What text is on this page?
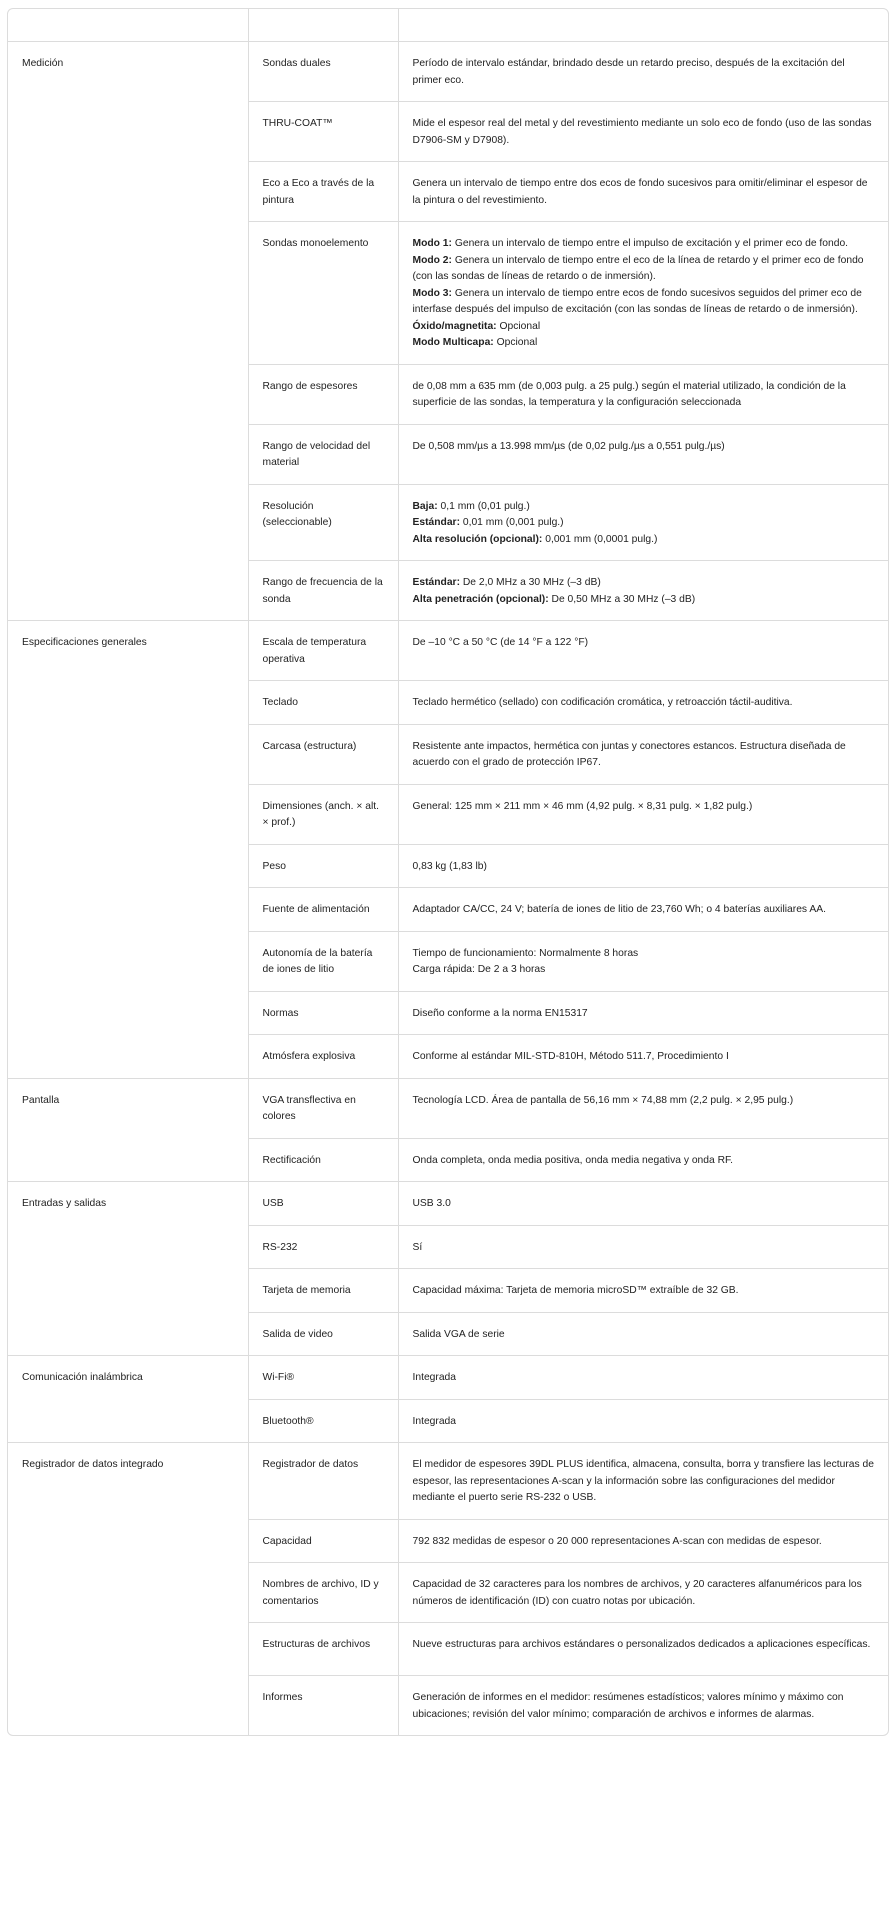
Medición	Sondas duales	Período de intervalo estándar, brindado desde un retardo preciso, después de la excitación del primer eco.

	THRU-COAT™	Mide el espesor real del metal y del revestimiento mediante un solo eco de fondo (uso de las sondas D7906-SM y D7908).

	Eco a Eco a través de la pintura	Genera un intervalo de tiempo entre dos ecos de fondo sucesivos para omitir/eliminar el espesor de la pintura o del revestimiento.

	Sondas monoelemento	Modo 1: Genera un intervalo de tiempo entre el impulso de excitación y el primer eco de fondo.
Modo 2: Genera un intervalo de tiempo entre el eco de la línea de retardo y el primer eco de fondo (con las sondas de líneas de retardo o de inmersión).
Modo 3: Genera un intervalo de tiempo entre ecos de fondo sucesivos seguidos del primer eco de interfase después del impulso de excitación (con las sondas de líneas de retardo o de inmersión).
Óxido/magnetita: Opcional
Modo Multicapa: Opcional

	Rango de espesores	de 0,08 mm a 635 mm (de 0,003 pulg. a 25 pulg.) según el material utilizado, la condición de la superficie de las sondas, la temperatura y la configuración seleccionada

	Rango de velocidad del material	De 0,508 mm/µs a 13.998 mm/µs (de 0,02 pulg./µs a 0,551 pulg./µs)

	Resolución (seleccionable)	Baja: 0,1 mm (0,01 pulg.)
Estándar: 0,01 mm (0,001 pulg.)
Alta resolución (opcional): 0,001 mm (0,0001 pulg.)

	Rango de frecuencia de la sonda	Estándar: De 2,0 MHz a 30 MHz (–3 dB)
Alta penetración (opcional): De 0,50 MHz a 30 MHz (–3 dB)

Especificaciones generales	Escala de temperatura operativa	De –10 °C a 50 °C (de 14 °F a 122 °F)

	Teclado	Teclado hermético (sellado) con codificación cromática, y retroacción táctil-auditiva.

	Carcasa (estructura)	Resistente ante impactos, hermética con juntas y conectores estancos. Estructura diseñada de acuerdo con el grado de protección IP67.

	Dimensiones (anch. × alt. × prof.)	General: 125 mm × 211 mm × 46 mm (4,92 pulg. × 8,31 pulg. × 1,82 pulg.)

	Peso	0,83 kg (1,83 lb)

	Fuente de alimentación	Adaptador CA/CC, 24 V; batería de iones de litio de 23,760 Wh; o 4 baterías auxiliares AA.

	Autonomía de la batería de iones de litio	Tiempo de funcionamiento: Normalmente 8 horas
Carga rápida: De 2 a 3 horas

	Normas	Diseño conforme a la norma EN15317

	Atmósfera explosiva	Conforme al estándar MIL-STD-810H, Método 511.7, Procedimiento I

Pantalla	VGA transflectiva en colores	Tecnología LCD. Área de pantalla de 56,16 mm × 74,88 mm (2,2 pulg. × 2,95 pulg.)

	Rectificación	Onda completa, onda media positiva, onda media negativa y onda RF.

Entradas y salidas	USB	USB 3.0

	RS-232	Sí

	Tarjeta de memoria	Capacidad máxima: Tarjeta de memoria microSD™ extraíble de 32 GB.

	Salida de video	Salida VGA de serie

Comunicación inalámbrica	Wi-Fi®	Integrada

	Bluetooth®	Integrada

Registrador de datos integrado	Registrador de datos	El medidor de espesores 39DL PLUS identifica, almacena, consulta, borra y transfiere las lecturas de espesor, las representaciones A-scan y la información sobre las configuraciones del medidor mediante el puerto serie RS-232 o USB.

	Capacidad	792 832 medidas de espesor o 20 000 representaciones A-scan con medidas de espesor.

	Nombres de archivo, ID y comentarios	Capacidad de 32 caracteres para los nombres de archivos, y 20 caracteres alfanuméricos para los números de identificación (ID) con cuatro notas por ubicación.

	Estructuras de archivos	Nueve estructuras para archivos estándares o personalizados dedicados a aplicaciones específicas.

	Informes	Generación de informes en el medidor: resúmenes estadísticos; valores mínimo y máximo con ubicaciones; revisión del valor mínimo; comparación de archivos e informes de alarmas.
